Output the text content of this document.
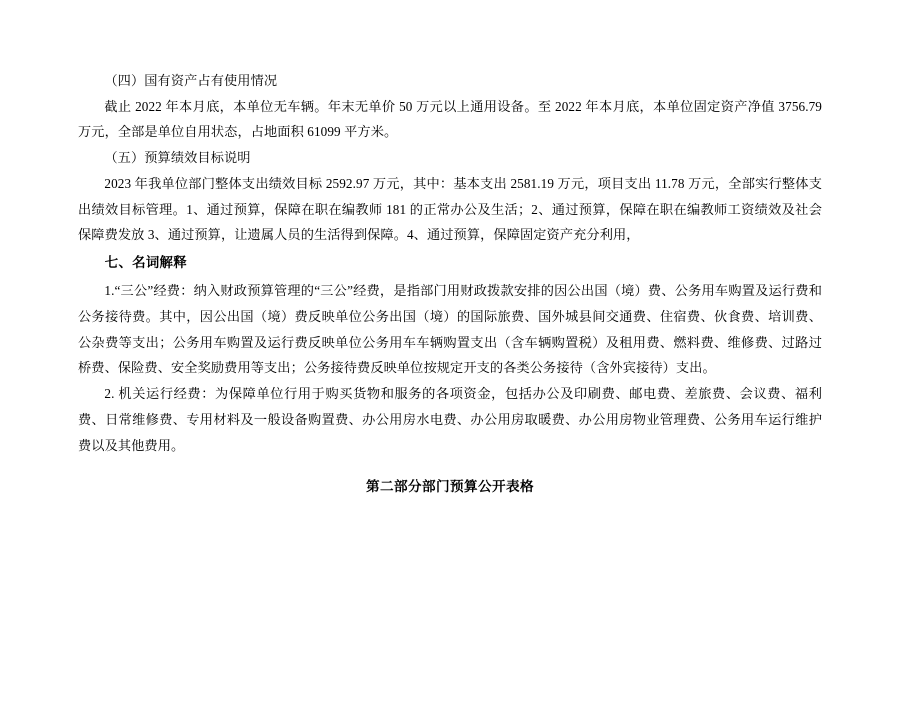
（四）国有资产占有使用情况

截止 2022 年本月底，本单位无车辆。年末无单价 50 万元以上通用设备。至 2022 年本月底，本单位固定资产净值 3756.79 万元，全部是单位自用状态，占地面积 61099 平方米。

（五）预算绩效目标说明

2023 年我单位部门整体支出绩效目标 2592.97 万元，其中：基本支出 2581.19 万元，项目支出 11.78 万元，全部实行整体支出绩效目标管理。1、通过预算，保障在职在编教师 181 的正常办公及生活；2、通过预算，保障在职在编教师工资绩效及社会保障费发放 3、通过预算，让遗属人员的生活得到保障。4、通过预算，保障固定资产充分利用，

七、名词解释

1.“三公”经费：纳入财政预算管理的“三公”经费，是指部门用财政拨款安排的因公出国（境）费、公务用车购置及运行费和公务接待费。其中，因公出国（境）费反映单位公务出国（境）的国际旅费、国外城县间交通费、住宿费、伙食费、培训费、公杂费等支出；公务用车购置及运行费反映单位公务用车车辆购置支出（含车辆购置税）及租用费、燃料费、维修费、过路过桥费、保险费、安全奖励费用等支出；公务接待费反映单位按规定开支的各类公务接待（含外宾接待）支出。

2. 机关运行经费：为保障单位行用于购买货物和服务的各项资金，包括办公及印刷费、邮电费、差旅费、会议费、福利费、日常维修费、专用材料及一般设备购置费、办公用房水电费、办公用房取暖费、办公用房物业管理费、公务用车运行维护费以及其他费用。

第二部分部门预算公开表格
